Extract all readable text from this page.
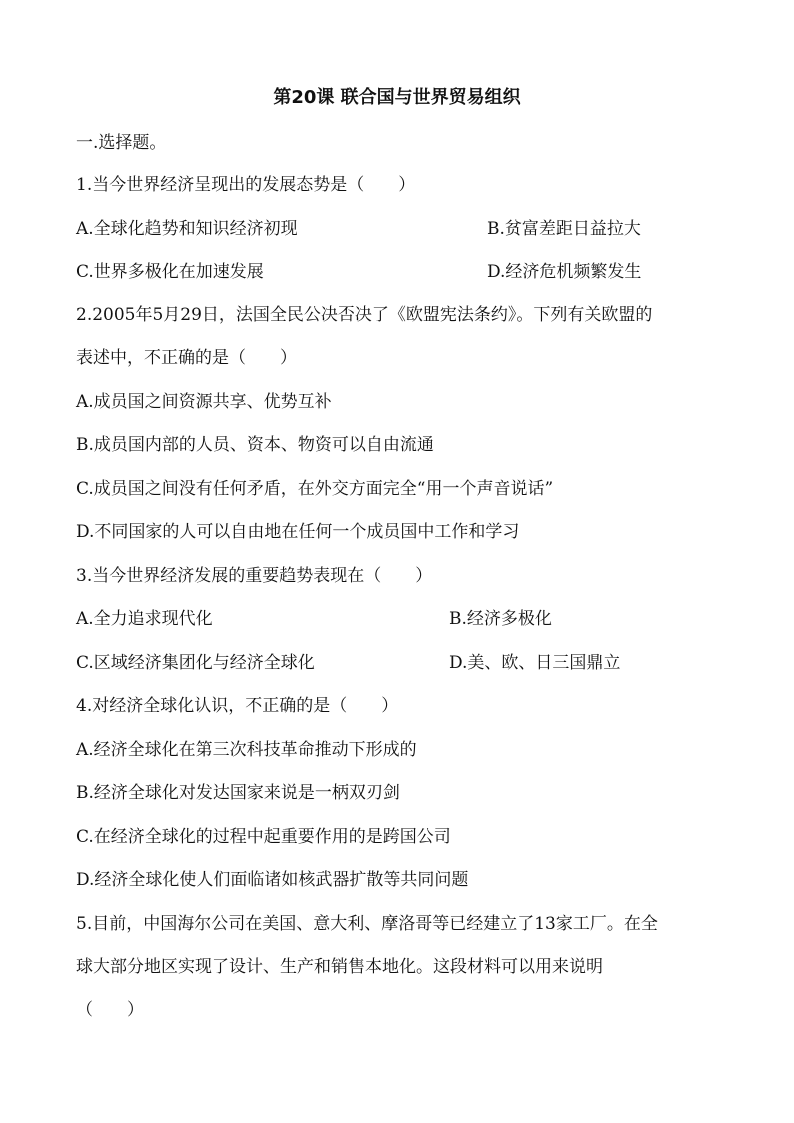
第20课 联合国与世界贸易组织
一.选择题。
1.当今世界经济呈现出的发展态势是（　　）
A.全球化趋势和知识经济初现	B.贫富差距日益拉大
C.世界多极化在加速发展	D.经济危机频繁发生
2.2005年5月29日，法国全民公决否决了《欧盟宪法条约》。下列有关欧盟的
表述中，不正确的是（　　）
A.成员国之间资源共享、优势互补
B.成员国内部的人员、资本、物资可以自由流通
C.成员国之间没有任何矛盾，在外交方面完全“用一个声音说话”
D.不同国家的人可以自由地在任何一个成员国中工作和学习
3.当今世界经济发展的重要趋势表现在（　　）
A.全力追求现代化	B.经济多极化
C.区域经济集团化与经济全球化	D.美、欧、日三国鼎立
4.对经济全球化认识，不正确的是（　　）
A.经济全球化在第三次科技革命推动下形成的
B.经济全球化对发达国家来说是一柄双刃剑
C.在经济全球化的过程中起重要作用的是跨国公司
D.经济全球化使人们面临诸如核武器扩散等共同问题
5.目前，中国海尔公司在美国、意大利、摩洛哥等已经建立了13家工厂。在全
球大部分地区实现了设计、生产和销售本地化。这段材料可以用来说明
（　　）
